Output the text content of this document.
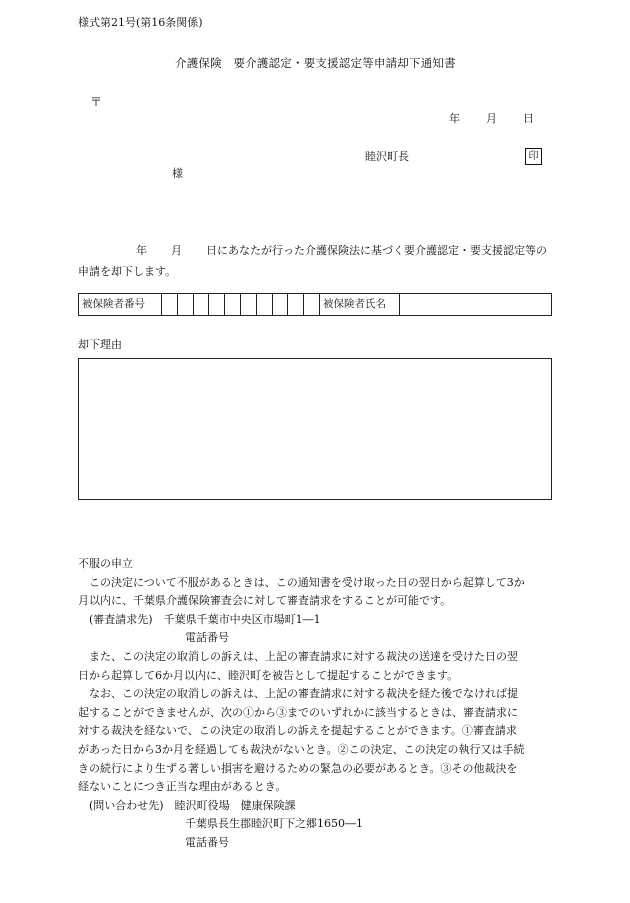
様式第21号(第16条関係)
介護保険　要介護認定・要支援認定等申請却下通知書
〒
年 月 日
睦沢町長	印
様
年 月 日にあなたが行った介護保険法に基づく要介護認定・要支援認定等の申請を却下します。
被保険者番号	被保険者氏名
却下理由

不服の申立

この決定について不服があるときは、この通知書を受け取った日の翌日から起算して3か

月以内に、千葉県介護保険審査会に対して審査請求をすることが可能です。

(審査請求先)　 千葉県千葉市中央区市場町1―1

電話番号

また、この決定の取消しの訴えは、上記の審査請求に対する裁決の送達を受けた日の翌

日から起算して6か月以内に、睦沢町を被告として提起することができます。

なお、この決定の取消しの訴えは、上記の審査請求に対する裁決を経た後でなければ提

起することができませんが、次の①から③までのいずれかに該当するときは、審査請求に

対する裁決を経ないで、この決定の取消しの訴えを提起することができます。①審査請求

があった日から3か月を経過しても裁決がないとき。②この決定、この決定の執行又は手続

きの続行により生ずる著しい損害を避けるための緊急の必要があるとき。③その他裁決を

経ないことにつき正当な理由があるとき。

(問い合わせ先)　 睦沢町役場　健康保険課

千葉県長生郡睦沢町下之郷1650―1

電話番号
